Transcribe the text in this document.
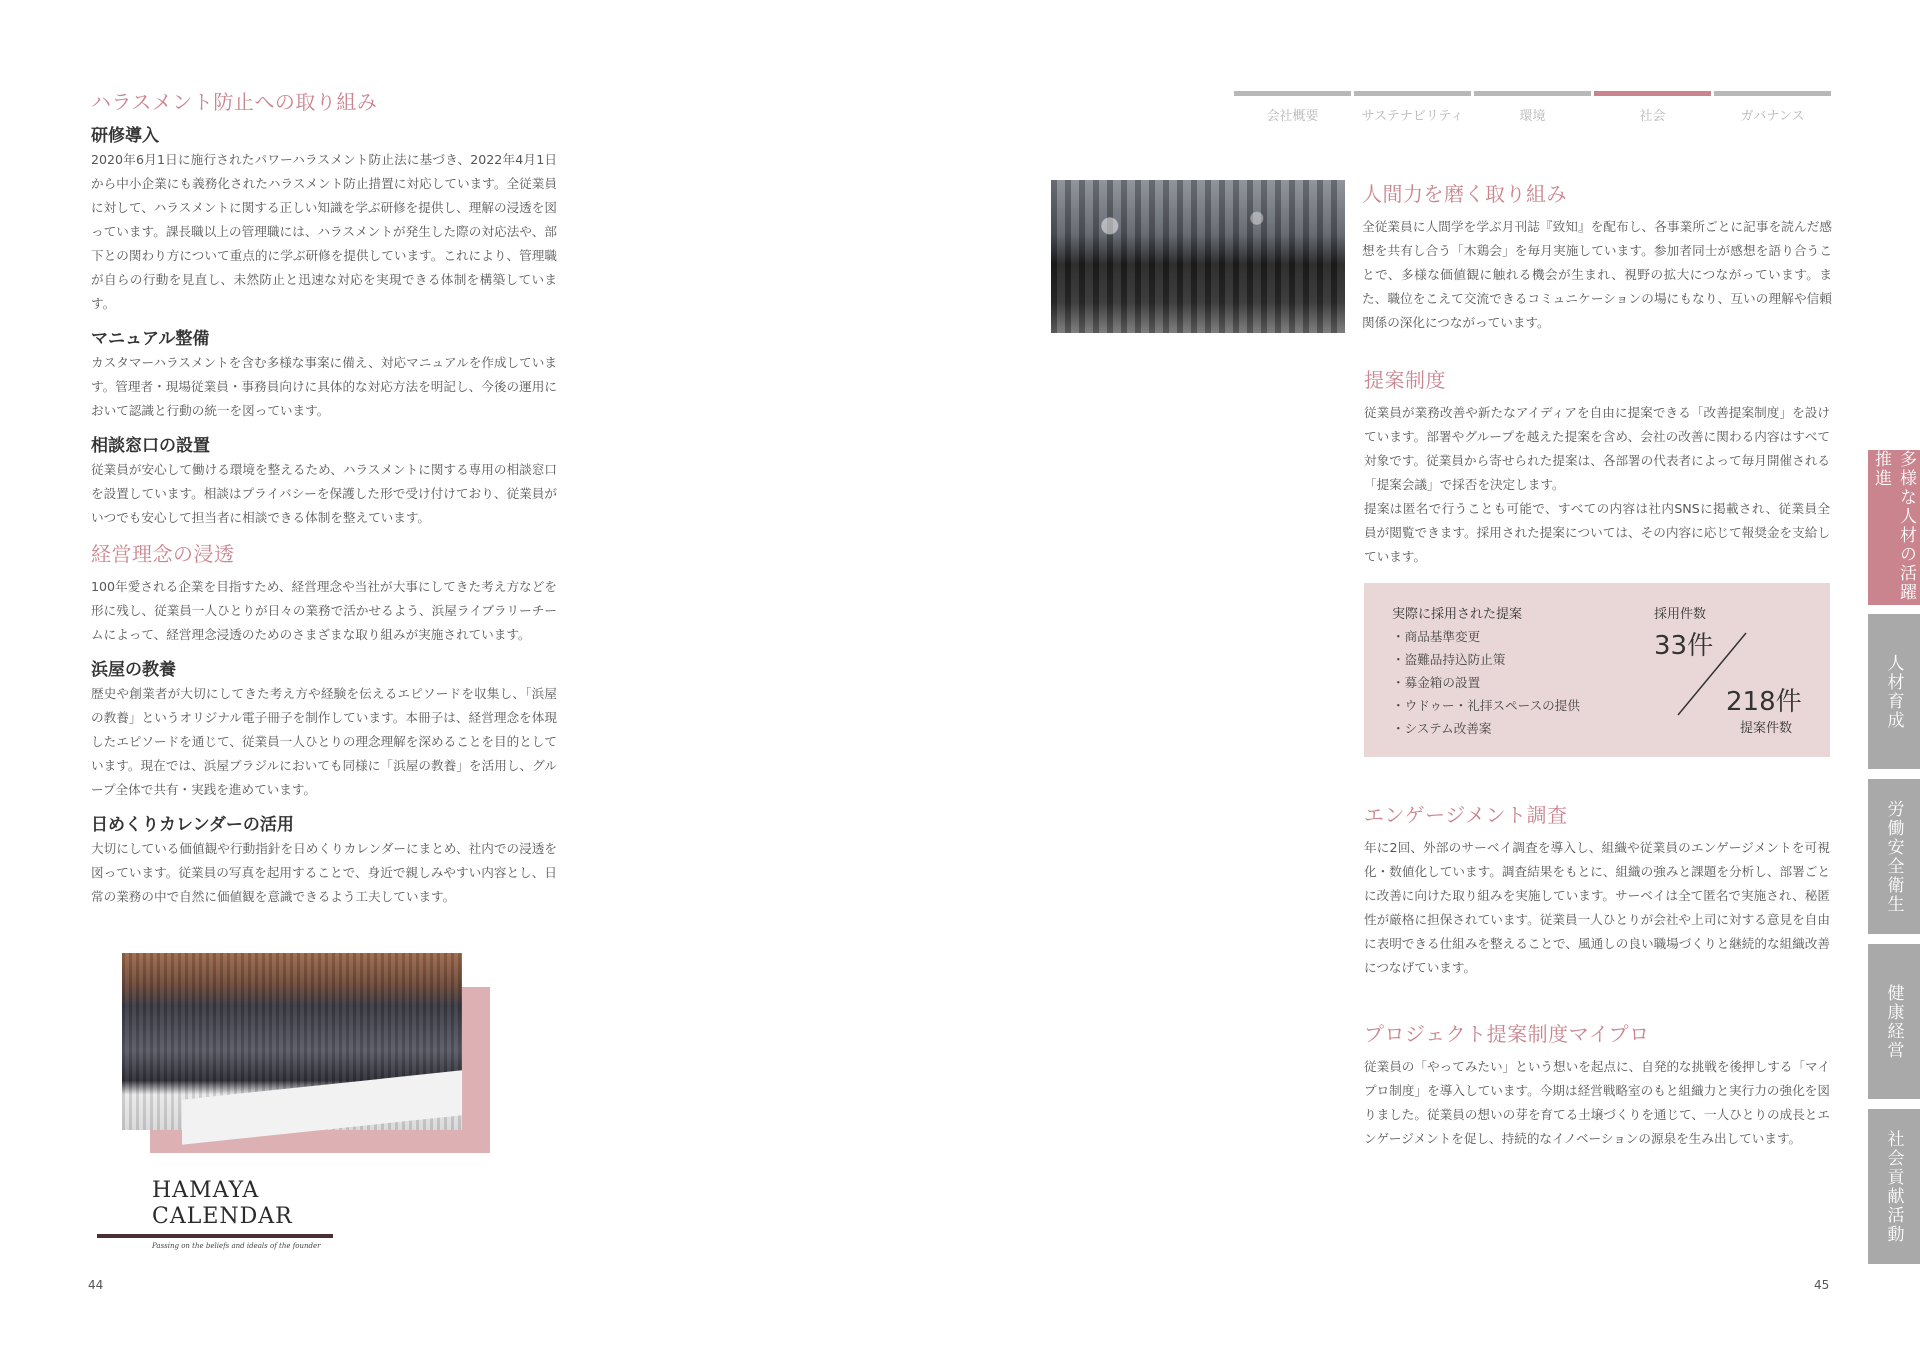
ハラスメント防止への取り組み
研修導入

2020年6月1日に施行されたパワーハラスメント防止法に基づき、2022年4月1日から中小企業にも義務化されたハラスメント防止措置に対応しています。全従業員に対して、ハラスメントに関する正しい知識を学ぶ研修を提供し、理解の浸透を図っています。課長職以上の管理職には、ハラスメントが発生した際の対応法や、部下との関わり方について重点的に学ぶ研修を提供しています。これにより、管理職が自らの行動を見直し、未然防止と迅速な対応を実現できる体制を構築しています。

マニュアル整備

カスタマーハラスメントを含む多様な事案に備え、対応マニュアルを作成しています。管理者・現場従業員・事務員向けに具体的な対応方法を明記し、今後の運用において認識と行動の統一を図っています。

相談窓口の設置

従業員が安心して働ける環境を整えるため、ハラスメントに関する専用の相談窓口を設置しています。相談はプライバシーを保護した形で受け付けており、従業員がいつでも安心して担当者に相談できる体制を整えています。

経営理念の浸透

100年愛される企業を目指すため、経営理念や当社が大事にしてきた考え方などを形に残し、従業員一人ひとりが日々の業務で活かせるよう、浜屋ライブラリーチームによって、経営理念浸透のためのさまざまな取り組みが実施されています。

浜屋の教養

歴史や創業者が大切にしてきた考え方や経験を伝えるエピソードを収集し、「浜屋の教養」というオリジナル電子冊子を制作しています。本冊子は、経営理念を体現したエピソードを通じて、従業員一人ひとりの理念理解を深めることを目的としています。現在では、浜屋ブラジルにおいても同様に「浜屋の教養」を活用し、グループ全体で共有・実践を進めています。

日めくりカレンダーの活用

大切にしている価値観や行動指針を日めくりカレンダーにまとめ、社内での浸透を図っています。従業員の写真を起用することで、身近で親しみやすい内容とし、日常の業務の中で自然に価値観を意識できるよう工夫しています。

HAMAYA
CALENDAR
Passing on the beliefs and ideals of the founder
44
会社概要	サステナビリティ	環境	社会	ガバナンス
人間力を磨く取り組み

全従業員に人間学を学ぶ月刊誌『致知』を配布し、各事業所ごとに記事を読んだ感想を共有し合う「木鶏会」を毎月実施しています。参加者同士が感想を語り合うことで、多様な価値観に触れる機会が生まれ、視野の拡大につながっています。また、職位をこえて交流できるコミュニケーションの場にもなり、互いの理解や信頼関係の深化につながっています。

提案制度

従業員が業務改善や新たなアイディアを自由に提案できる「改善提案制度」を設けています。部署やグループを越えた提案を含め、会社の改善に関わる内容はすべて対象です。従業員から寄せられた提案は、各部署の代表者によって毎月開催される「提案会議」で採否を決定します。

提案は匿名で行うことも可能で、すべての内容は社内SNSに掲載され、従業員全員が閲覧できます。採用された提案については、その内容に応じて報奨金を支給しています。

実際に採用された提案
・商品基準変更
・盗難品持込防止策
・募金箱の設置
・ウドゥー・礼拝スペースの提供
・システム改善案
採用件数
33件
218件
提案件数
エンゲージメント調査

年に2回、外部のサーベイ調査を導入し、組織や従業員のエンゲージメントを可視化・数値化しています。調査結果をもとに、組織の強みと課題を分析し、部署ごとに改善に向けた取り組みを実施しています。サーベイは全て匿名で実施され、秘匿性が厳格に担保されています。従業員一人ひとりが会社や上司に対する意見を自由に表明できる仕組みを整えることで、風通しの良い職場づくりと継続的な組織改善につなげています。

プロジェクト提案制度マイプロ

従業員の「やってみたい」という想いを起点に、自発的な挑戦を後押しする「マイプロ制度」を導入しています。今期は経営戦略室のもと組織力と実行力の強化を図りました。従業員の想いの芽を育てる土壌づくりを通じて、一人ひとりの成長とエンゲージメントを促し、持続的なイノベーションの源泉を生み出しています。

45
多様な人材の活躍推進
人材育成
労働安全衛生
健康経営
社会貢献活動
